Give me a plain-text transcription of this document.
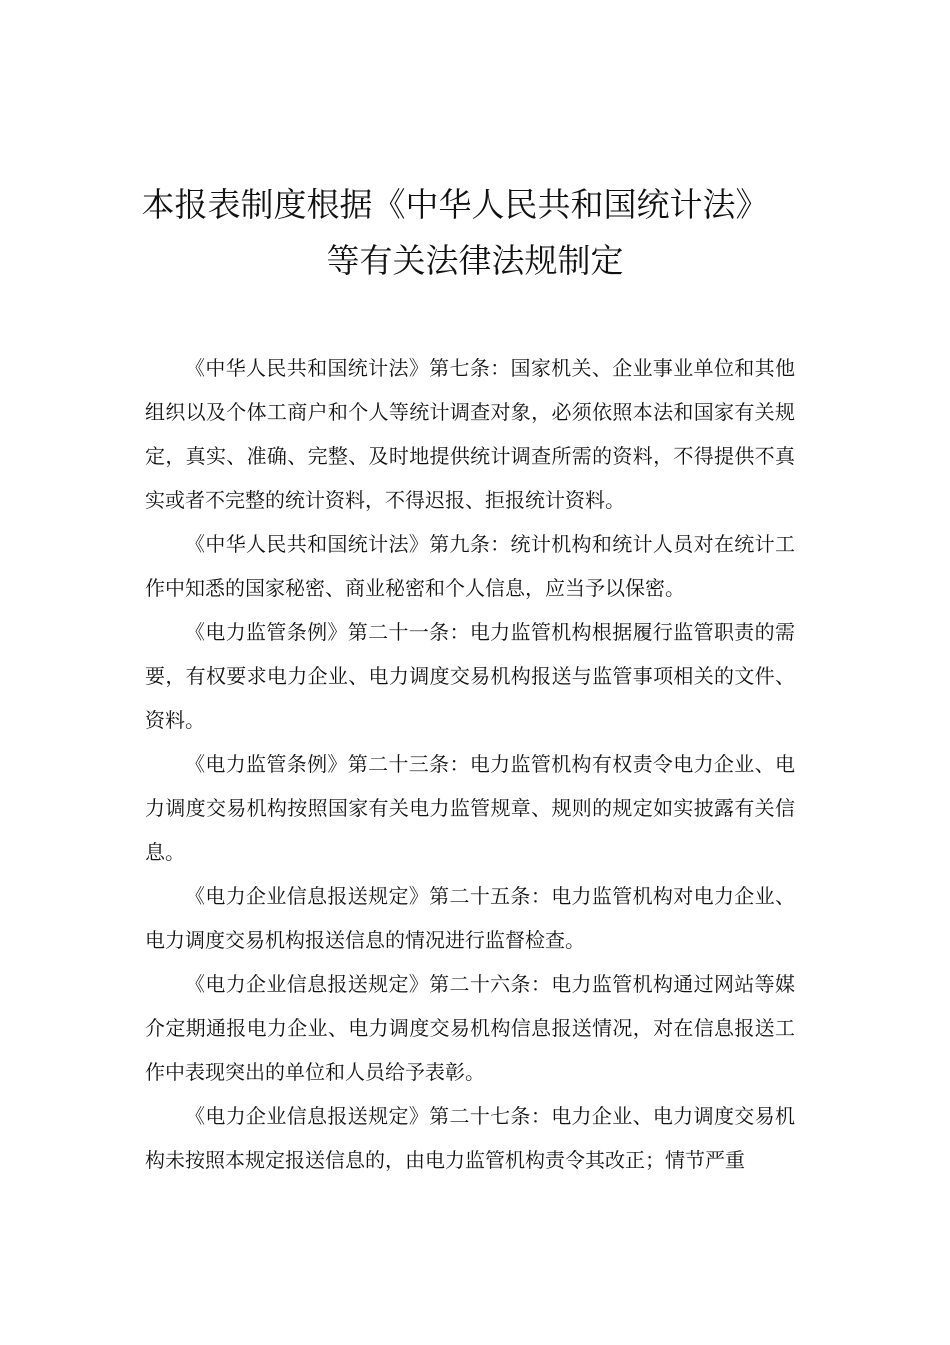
本报表制度根据《中华人民共和国统计法》
等有关法律法规制定

《中华人民共和国统计法》第七条：国家机关、企业事业单位和其他组织以及个体工商户和个人等统计调查对象，必须依照本法和国家有关规定，真实、准确、完整、及时地提供统计调查所需的资料，不得提供不真实或者不完整的统计资料，不得迟报、拒报统计资料。

《中华人民共和国统计法》第九条：统计机构和统计人员对在统计工作中知悉的国家秘密、商业秘密和个人信息，应当予以保密。

《电力监管条例》第二十一条：电力监管机构根据履行监管职责的需要，有权要求电力企业、电力调度交易机构报送与监管事项相关的文件、资料。

《电力监管条例》第二十三条：电力监管机构有权责令电力企业、电力调度交易机构按照国家有关电力监管规章、规则的规定如实披露有关信息。

《电力企业信息报送规定》第二十五条：电力监管机构对电力企业、电力调度交易机构报送信息的情况进行监督检查。

《电力企业信息报送规定》第二十六条：电力监管机构通过网站等媒介定期通报电力企业、电力调度交易机构信息报送情况，对在信息报送工作中表现突出的单位和人员给予表彰。

《电力企业信息报送规定》第二十七条：电力企业、电力调度交易机构未按照本规定报送信息的，由电力监管机构责令其改正；情节严重
